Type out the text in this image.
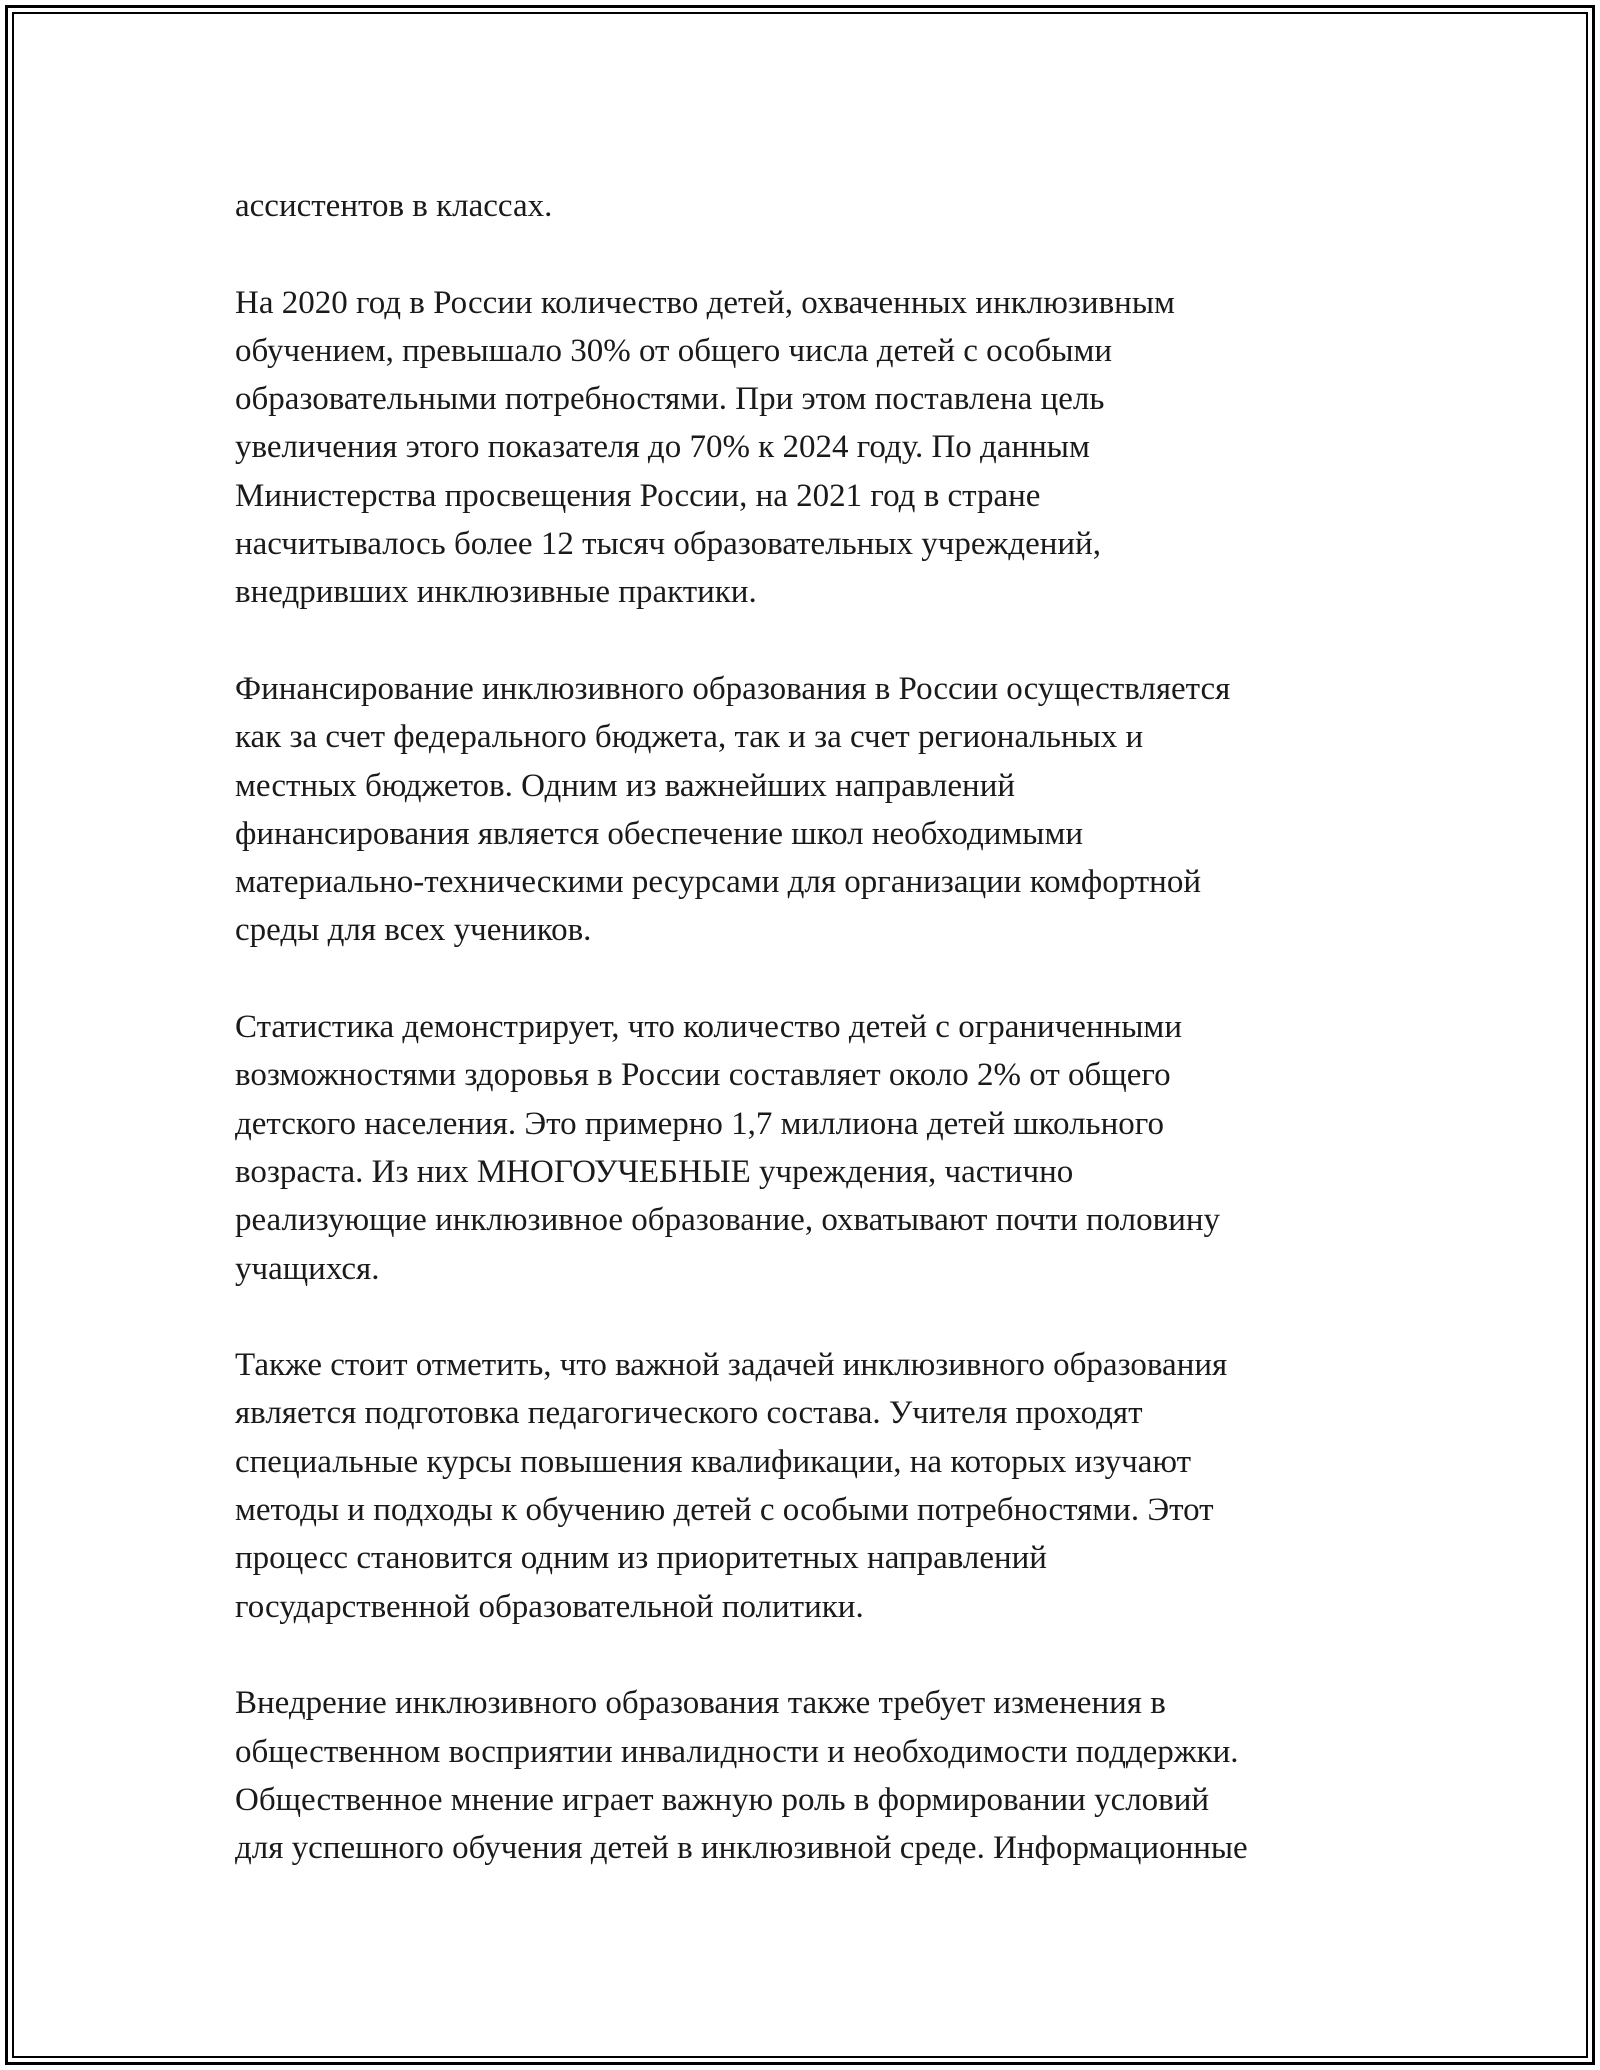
ассистентов в классах.

На 2020 год в России количество детей, охваченных инклюзивным
обучением, превышало 30% от общего числа детей с особыми
образовательными потребностями. При этом поставлена цель
увеличения этого показателя до 70% к 2024 году. По данным
Министерства просвещения России, на 2021 год в стране
насчитывалось более 12 тысяч образовательных учреждений,
внедривших инклюзивные практики.

Финансирование инклюзивного образования в России осуществляется
как за счет федерального бюджета, так и за счет региональных и
местных бюджетов. Одним из важнейших направлений
финансирования является обеспечение школ необходимыми
материально-техническими ресурсами для организации комфортной
среды для всех учеников.

Статистика демонстрирует, что количество детей с ограниченными
возможностями здоровья в России составляет около 2% от общего
детского населения. Это примерно 1,7 миллиона детей школьного
возраста. Из них МНОГОУЧЕБНЫЕ учреждения, частично
реализующие инклюзивное образование, охватывают почти половину
учащихся.

Также стоит отметить, что важной задачей инклюзивного образования
является подготовка педагогического состава. Учителя проходят
специальные курсы повышения квалификации, на которых изучают
методы и подходы к обучению детей с особыми потребностями. Этот
процесс становится одним из приоритетных направлений
государственной образовательной политики.

Внедрение инклюзивного образования также требует изменения в
общественном восприятии инвалидности и необходимости поддержки.
Общественное мнение играет важную роль в формировании условий
для успешного обучения детей в инклюзивной среде. Информационные
